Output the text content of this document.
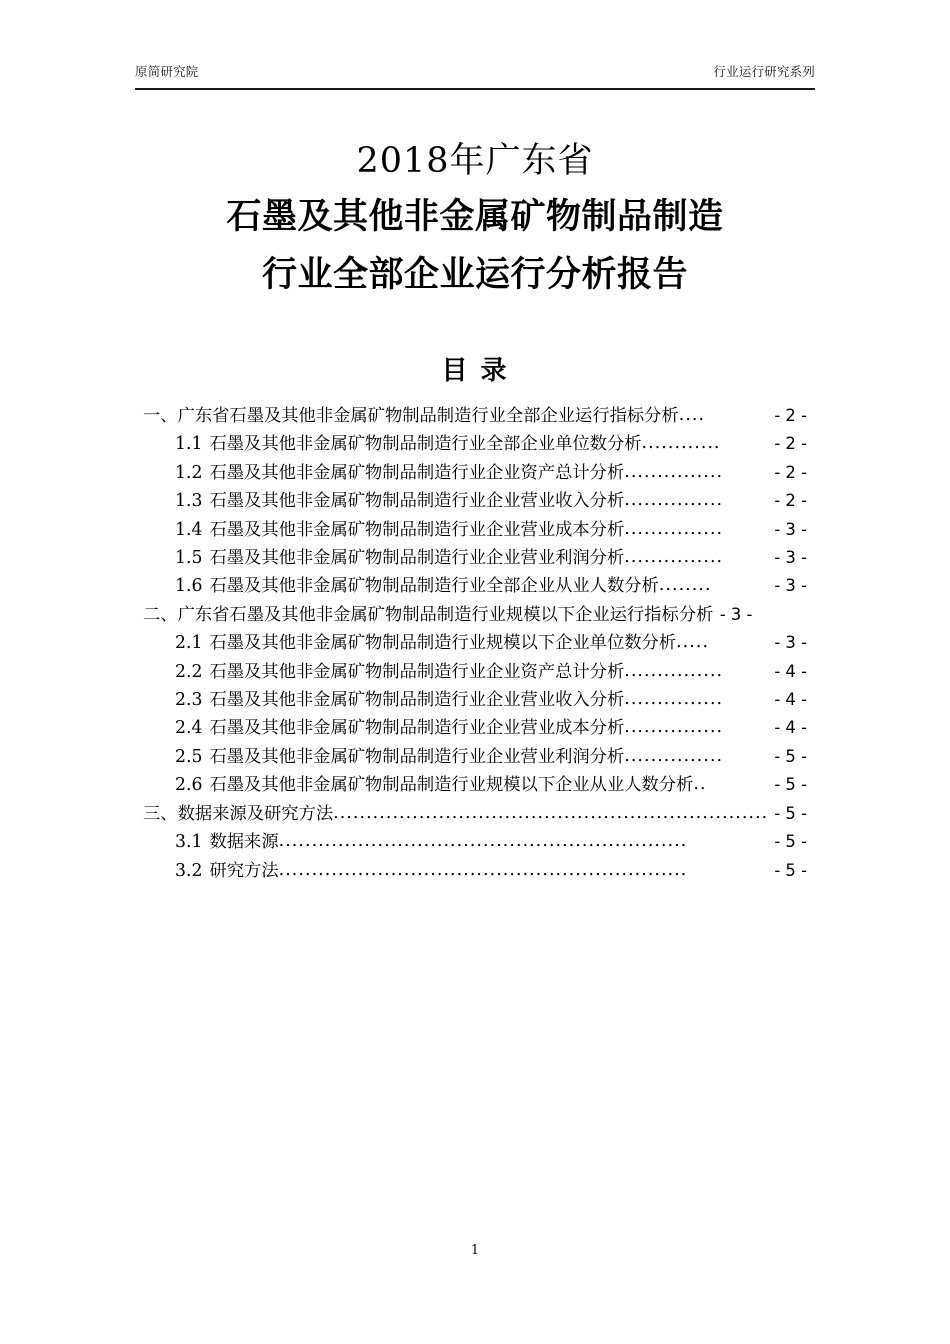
原简研究院	行业运行研究系列
2018年广东省
石墨及其他非金属矿物制品制造
行业全部企业运行分析报告
目 录
一、广东省石墨及其他非金属矿物制品制造行业全部企业运行指标分析 ....	- 2 -
1.1 石墨及其他非金属矿物制品制造行业全部企业单位数分析 ............	- 2 -
1.2 石墨及其他非金属矿物制品制造行业企业资产总计分析 ...............	- 2 -
1.3 石墨及其他非金属矿物制品制造行业企业营业收入分析 ...............	- 2 -
1.4 石墨及其他非金属矿物制品制造行业企业营业成本分析 ...............	- 3 -
1.5 石墨及其他非金属矿物制品制造行业企业营业利润分析 ...............	- 3 -
1.6 石墨及其他非金属矿物制品制造行业全部企业从业人数分析 ........	- 3 -
二、广东省石墨及其他非金属矿物制品制造行业规模以下企业运行指标分析 - 3 -
2.1 石墨及其他非金属矿物制品制造行业规模以下企业单位数分析 .....	- 3 -
2.2 石墨及其他非金属矿物制品制造行业企业资产总计分析 ...............	- 4 -
2.3 石墨及其他非金属矿物制品制造行业企业营业收入分析 ...............	- 4 -
2.4 石墨及其他非金属矿物制品制造行业企业营业成本分析 ...............	- 4 -
2.5 石墨及其他非金属矿物制品制造行业企业营业利润分析 ...............	- 5 -
2.6 石墨及其他非金属矿物制品制造行业规模以下企业从业人数分析 ..	- 5 -
三、数据来源及研究方法 .................................................................. - 5 -
3.1 数据来源 ..............................................................	- 5 -
3.2 研究方法 ..............................................................	- 5 -
1
